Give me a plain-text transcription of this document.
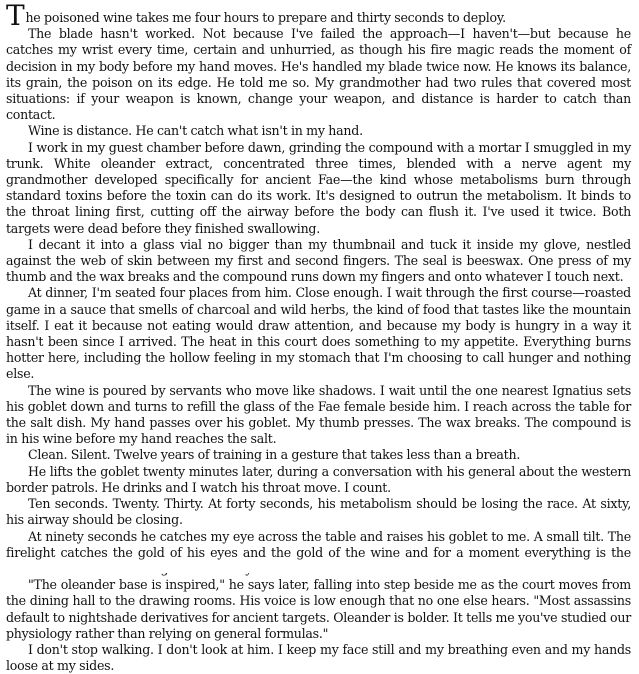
The poisoned wine takes me four hours to prepare and thirty seconds to deploy.

The blade hasn't worked. Not because I've failed the approach—I haven't—but because he catches my wrist every time, certain and unhurried, as though his fire magic reads the moment of decision in my body before my hand moves. He's handled my blade twice now. He knows its balance, its grain, the poison on its edge. He told me so. My grandmother had two rules that covered most situations: if your weapon is known, change your weapon, and distance is harder to catch than contact.

Wine is distance. He can't catch what isn't in my hand.

I work in my guest chamber before dawn, grinding the compound with a mortar I smuggled in my trunk. White oleander extract, concentrated three times, blended with a nerve agent my grandmother developed specifically for ancient Fae—the kind whose metabolisms burn through standard toxins before the toxin can do its work. It's designed to outrun the metabolism. It binds to the throat lining first, cutting off the airway before the body can flush it. I've used it twice. Both targets were dead before they finished swallowing.

I decant it into a glass vial no bigger than my thumbnail and tuck it inside my glove, nestled against the web of skin between my first and second fingers. The seal is beeswax. One press of my thumb and the wax breaks and the compound runs down my fingers and onto whatever I touch next.

At dinner, I'm seated four places from him. Close enough. I wait through the first course—roasted game in a sauce that smells of charcoal and wild herbs, the kind of food that tastes like the mountain itself. I eat it because not eating would draw attention, and because my body is hungry in a way it hasn't been since I arrived. The heat in this court does something to my appetite. Everything burns hotter here, including the hollow feeling in my stomach that I'm choosing to call hunger and nothing else.

The wine is poured by servants who move like shadows. I wait until the one nearest Ignatius sets his goblet down and turns to refill the glass of the Fae female beside him. I reach across the table for the salt dish. My hand passes over his goblet. My thumb presses. The wax breaks. The compound is in his wine before my hand reaches the salt.

Clean. Silent. Twelve years of training in a gesture that takes less than a breath.

He lifts the goblet twenty minutes later, during a conversation with his general about the western border patrols. He drinks and I watch his throat move. I count.

Ten seconds. Twenty. Thirty. At forty seconds, his metabolism should be losing the race. At sixty, his airway should be closing.

At ninety seconds he catches my eye across the table and raises his goblet to me. A small tilt. The firelight catches the gold of his eyes and the gold of the wine and for a moment everything is the

"The oleander base is inspired," he says later, falling into step beside me as the court moves from the dining hall to the drawing rooms. His voice is low enough that no one else hears. "Most assassins default to nightshade derivatives for ancient targets. Oleander is bolder. It tells me you've studied our physiology rather than relying on general formulas."

I don't stop walking. I don't look at him. I keep my face still and my breathing even and my hands loose at my sides.
